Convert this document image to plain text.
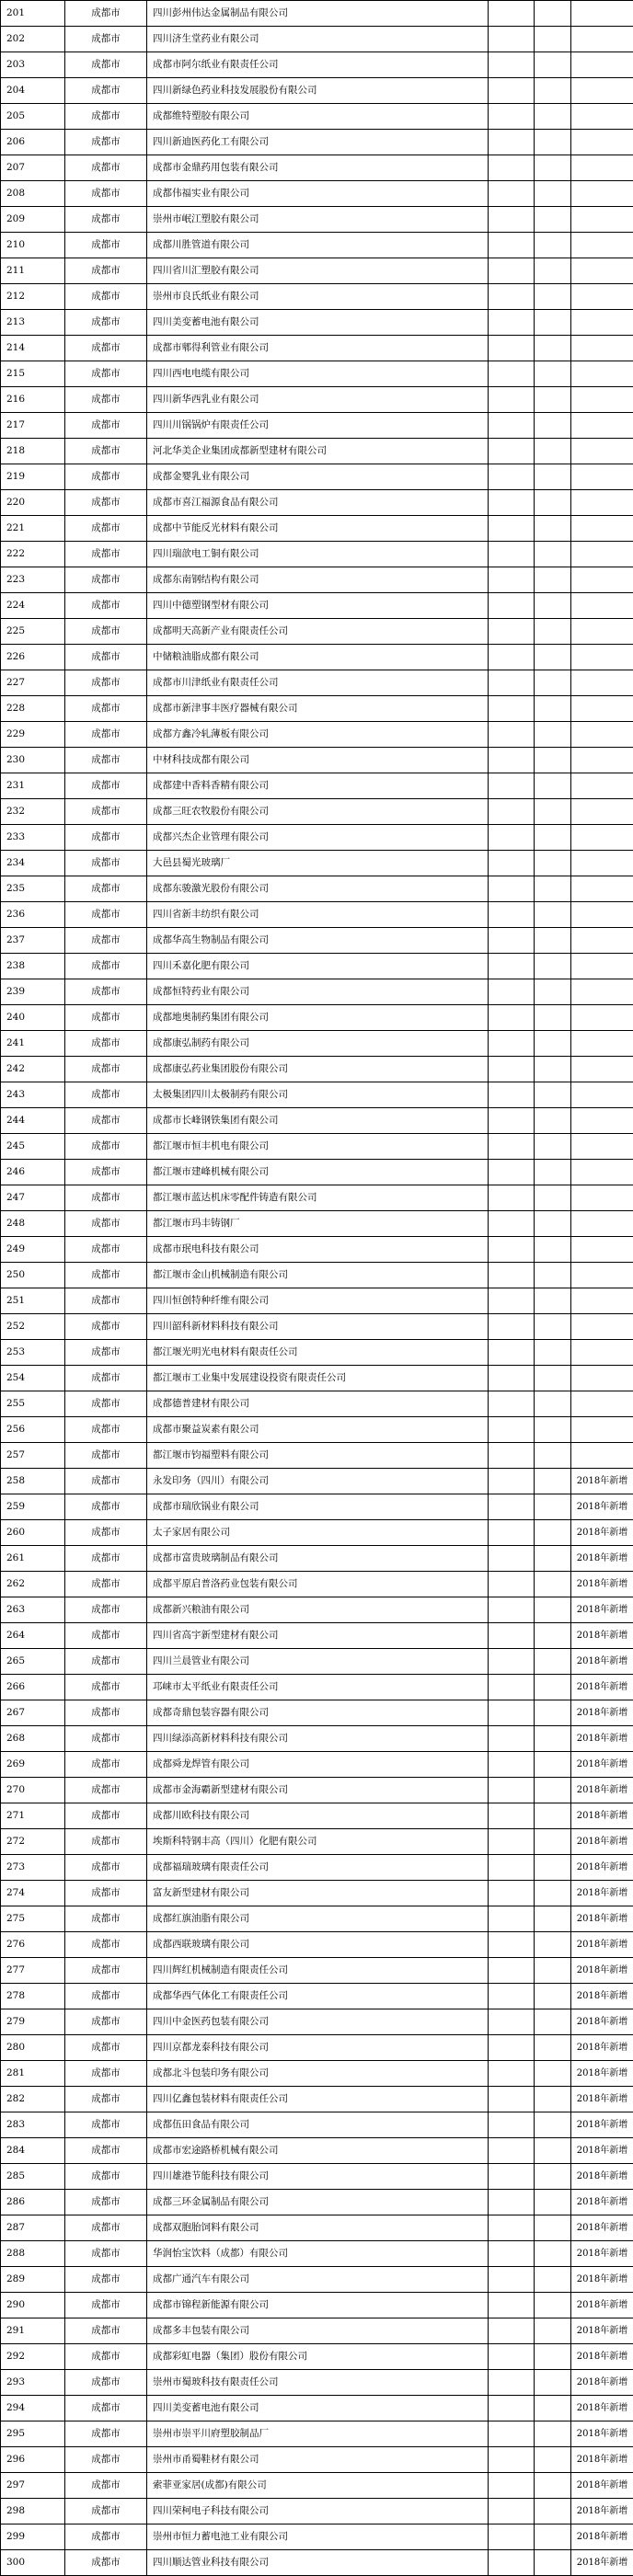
201	成都市	四川彭州伟达金属制品有限公司			
202	成都市	四川济生堂药业有限公司			
203	成都市	成都市阿尔纸业有限责任公司			
204	成都市	四川新绿色药业科技发展股份有限公司			
205	成都市	成都维特塑胶有限公司			
206	成都市	四川新迪医药化工有限公司			
207	成都市	成都市金鼎药用包装有限公司			
208	成都市	成都伟福实业有限公司			
209	成都市	崇州市岷江塑胶有限公司			
210	成都市	成都川胜管道有限公司			
211	成都市	四川省川汇塑胶有限公司			
212	成都市	崇州市良氏纸业有限公司			
213	成都市	四川美变蓄电池有限公司			
214	成都市	成都市郫得利管业有限公司			
215	成都市	四川西电电缆有限公司			
216	成都市	四川新华西乳业有限公司			
217	成都市	四川川锅锅炉有限责任公司			
218	成都市	河北华美企业集团成都新型建材有限公司			
219	成都市	成都金婴乳业有限公司			
220	成都市	成都市喜江福源食品有限公司			
221	成都市	成都中节能反光材料有限公司			
222	成都市	四川瑞歆电工铜有限公司			
223	成都市	成都东南钢结构有限公司			
224	成都市	四川中德塑钢型材有限公司			
225	成都市	成都明天高新产业有限责任公司			
226	成都市	中储粮油脂成都有限公司			
227	成都市	成都市川津纸业有限责任公司			
228	成都市	成都市新津事丰医疗器械有限公司			
229	成都市	成都方鑫冷轧薄板有限公司			
230	成都市	中材科技成都有限公司			
231	成都市	成都建中香料香精有限公司			
232	成都市	成都三旺农牧股份有限公司			
233	成都市	成都兴杰企业管理有限公司			
234	成都市	大邑县蜀光玻璃厂			
235	成都市	成都东骏激光股份有限公司			
236	成都市	四川省新丰纺织有限公司			
237	成都市	成都华高生物制品有限公司			
238	成都市	四川禾嘉化肥有限公司			
239	成都市	成都恒特药业有限公司			
240	成都市	成都地奥制药集团有限公司			
241	成都市	成都康弘制药有限公司			
242	成都市	成都康弘药业集团股份有限公司			
243	成都市	太极集团四川太极制药有限公司			
244	成都市	成都市长峰钢铁集团有限公司			
245	成都市	都江堰市恒丰机电有限公司			
246	成都市	都江堰市建峰机械有限公司			
247	成都市	都江堰市蓝达机床零配件铸造有限公司			
248	成都市	都江堰市玛丰铸钢厂			
249	成都市	成都市珉电科技有限公司			
250	成都市	都江堰市金山机械制造有限公司			
251	成都市	四川恒创特种纤维有限公司			
252	成都市	四川韶科新材料科技有限公司			
253	成都市	都江堰光明光电材料有限责任公司			
254	成都市	都江堰市工业集中发展建设投资有限责任公司			
255	成都市	成都德普建材有限公司			
256	成都市	成都市聚益炭素有限公司			
257	成都市	都江堰市钧福塑料有限公司			
258	成都市	永发印务（四川）有限公司			2018年新增
259	成都市	成都市瑞欣锅业有限公司			2018年新增
260	成都市	太子家居有限公司			2018年新增
261	成都市	成都市富贵玻璃制品有限公司			2018年新增
262	成都市	成都平原启普洛药业包装有限公司			2018年新增
263	成都市	成都新兴粮油有限公司			2018年新增
264	成都市	四川省高宇新型建材有限公司			2018年新增
265	成都市	四川兰晨管业有限公司			2018年新增
266	成都市	邛崃市太平纸业有限责任公司			2018年新增
267	成都市	成都奇鼎包装容器有限公司			2018年新增
268	成都市	四川绿添高新材料科技有限公司			2018年新增
269	成都市	成都舜龙焊管有限公司			2018年新增
270	成都市	成都市金海霸新型建材有限公司			2018年新增
271	成都市	成都川欧科技有限公司			2018年新增
272	成都市	埃斯科特钢丰高（四川）化肥有限公司			2018年新增
273	成都市	成都福瑞玻璃有限责任公司			2018年新增
274	成都市	富友新型建材有限公司			2018年新增
275	成都市	成都红旗油脂有限公司			2018年新增
276	成都市	成都西联玻璃有限公司			2018年新增
277	成都市	四川辉红机械制造有限责任公司			2018年新增
278	成都市	成都华西气体化工有限责任公司			2018年新增
279	成都市	四川中金医药包装有限公司			2018年新增
280	成都市	四川京都龙泰科技有限公司			2018年新增
281	成都市	成都北斗包装印务有限公司			2018年新增
282	成都市	四川亿鑫包装材料有限责任公司			2018年新增
283	成都市	成都伍田食品有限公司			2018年新增
284	成都市	成都市宏途路桥机械有限公司			2018年新增
285	成都市	四川雄港节能科技有限公司			2018年新增
286	成都市	成都三环金属制品有限公司			2018年新增
287	成都市	成都双胞胎饲料有限公司			2018年新增
288	成都市	华润怡宝饮料（成都）有限公司			2018年新增
289	成都市	成都广通汽车有限公司			2018年新增
290	成都市	成都市锦程新能源有限公司			2018年新增
291	成都市	成都多丰包装有限公司			2018年新增
292	成都市	成都彩虹电器（集团）股份有限公司			2018年新增
293	成都市	崇州市蜀玻科技有限责任公司			2018年新增
294	成都市	四川美变蓄电池有限公司			2018年新增
295	成都市	崇州市崇平川府塑胶制品厂			2018年新增
296	成都市	崇州市甬蜀鞋材有限公司			2018年新增
297	成都市	索菲亚家居(成都)有限公司			2018年新增
298	成都市	四川荣柯电子科技有限公司			2018年新增
299	成都市	崇州市恒力蓄电池工业有限公司			2018年新增
300	成都市	四川顺达管业科技有限公司			2018年新增
